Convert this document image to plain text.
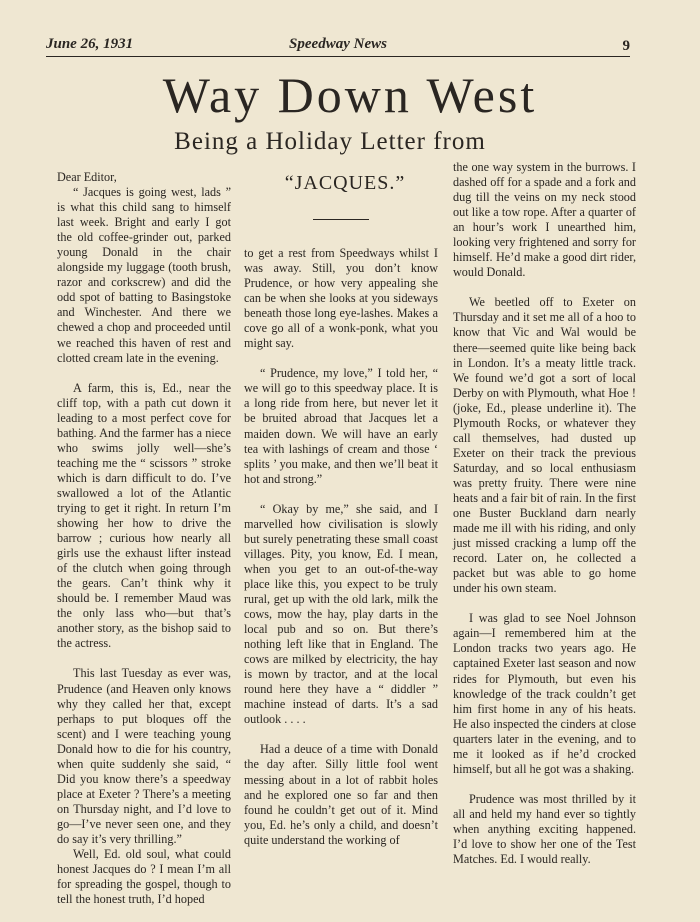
June 26, 1931	Speedway News	9
Way Down West
Being a Holiday Letter from
“JACQUES.”

Dear Editor,

“ Jacques is going west, lads ” is what this child sang to himself last week. Bright and early I got the old coffee-grinder out, parked young Donald in the chair alongside my luggage (tooth brush, razor and corkscrew) and did the odd spot of batting to Basingstoke and Winchester. And there we chewed a chop and proceeded until we reached this haven of rest and clotted cream late in the evening.

A farm, this is, Ed., near the cliff top, with a path cut down it leading to a most perfect cove for bathing. And the farmer has a niece who swims jolly well—she’s teaching me the “ scissors ” stroke which is darn difficult to do. I’ve swallowed a lot of the Atlantic trying to get it right. In return I’m showing her how to drive the barrow ; curious how nearly all girls use the exhaust lifter instead of the clutch when going through the gears. Can’t think why it should be. I remember Maud was the only lass who—but that’s another story, as the bishop said to the actress.

This last Tuesday as ever was, Prudence (and Heaven only knows why they called her that, except perhaps to put bloques off the scent) and I were teaching young Donald how to die for his country, when quite suddenly she said, “ Did you know there’s a speedway place at Exeter ? There’s a meeting on Thursday night, and I’d love to go—I’ve never seen one, and they do say it’s very thrilling.”

Well, Ed. old soul, what could honest Jacques do ? I mean I’m all for spreading the gospel, though to tell the honest truth, I’d hoped

to get a rest from Speedways whilst I was away. Still, you don’t know Prudence, or how very appealing she can be when she looks at you sideways beneath those long eye-lashes. Makes a cove go all of a wonk-ponk, what you might say.

“ Prudence, my love,” I told her, “ we will go to this speedway place. It is a long ride from here, but never let it be bruited abroad that Jacques let a maiden down. We will have an early tea with lashings of cream and those ‘ splits ’ you make, and then we’ll beat it hot and strong.”

“ Okay by me,” she said, and I marvelled how civilisation is slowly but surely penetrating these small coast villages. Pity, you know, Ed. I mean, when you get to an out-of-the-way place like this, you expect to be truly rural, get up with the old lark, milk the cows, mow the hay, play darts in the local pub and so on. But there’s nothing left like that in England. The cows are milked by electricity, the hay is mown by tractor, and at the local round here they have a “ diddler ” machine instead of darts. It’s a sad outlook . . . .

Had a deuce of a time with Donald the day after. Silly little fool went messing about in a lot of rabbit holes and he explored one so far and then found he couldn’t get out of it. Mind you, Ed. he’s only a child, and doesn’t quite understand the working of

the one way system in the burrows. I dashed off for a spade and a fork and dug till the veins on my neck stood out like a tow rope. After a quarter of an hour’s work I unearthed him, looking very frightened and sorry for himself. He’d make a good dirt rider, would Donald.

We beetled off to Exeter on Thursday and it set me all of a hoo to know that Vic and Wal would be there—seemed quite like being back in London. It’s a meaty little track. We found we’d got a sort of local Derby on with Plymouth, what Hoe ! (joke, Ed., please underline it). The Plymouth Rocks, or whatever they call themselves, had dusted up Exeter on their track the previous Saturday, and so local enthusiasm was pretty fruity. There were nine heats and a fair bit of rain. In the first one Buster Buckland darn nearly made me ill with his riding, and only just missed cracking a lump off the record. Later on, he collected a packet but was able to go home under his own steam.

I was glad to see Noel Johnson again—I remembered him at the London tracks two years ago. He captained Exeter last season and now rides for Plymouth, but even his knowledge of the track couldn’t get him first home in any of his heats. He also inspected the cinders at close quarters later in the evening, and to me it looked as if he’d crocked himself, but all he got was a shaking.

Prudence was most thrilled by it all and held my hand ever so tightly when anything exciting happened. I’d love to show her one of the Test Matches. Ed. I would really.
